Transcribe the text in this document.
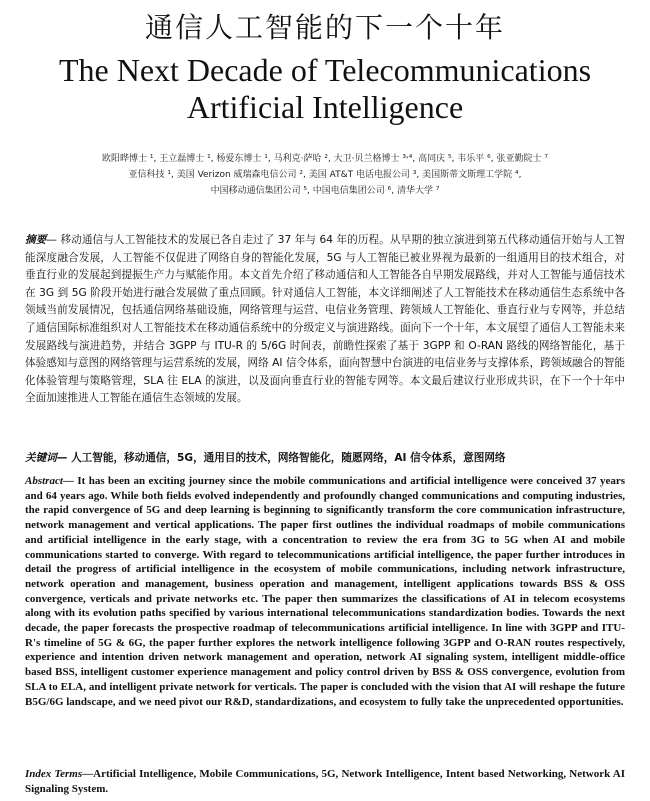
通信人工智能的下一个十年
The Next Decade of Telecommunications
Artificial Intelligence
欧阳晔博士 ¹, 王立磊博士 ¹, 杨爱东博士 ¹, 马利克·萨哈 ², 大卫·贝兰格博士 ³˒⁴, 高同庆 ⁵, 韦乐平 ⁶, 张亚勤院士 ⁷
亚信科技 ¹, 美国 Verizon 威瑞森电信公司 ², 美国 AT&T 电话电报公司 ³, 美国斯蒂文斯理工学院 ⁴,
中国移动通信集团公司 ⁵, 中国电信集团公司 ⁶, 清华大学 ⁷
摘要— 移动通信与人工智能技术的发展已各自走过了 37 年与 64 年的历程。从早期的独立演进到第五代移动通信开始与人工智能深度融合发展，人工智能不仅促进了网络自身的智能化发展，5G 与人工智能已被业界视为最新的一组通用目的技术组合，对垂直行业的发展起到提振生产力与赋能作用。本文首先介绍了移动通信和人工智能各自早期发展路线，并对人工智能与通信技术在 3G 到 5G 阶段开始进行融合发展做了重点回顾。针对通信人工智能，本文详细阐述了人工智能技术在移动通信生态系统中各领域当前发展情况，包括通信网络基础设施，网络管理与运营、电信业务管理、跨领域人工智能化、垂直行业与专网等，并总结了通信国际标准组织对人工智能技术在移动通信系统中的分级定义与演进路线。面向下一个十年，本文展望了通信人工智能未来发展路线与演进趋势，并结合 3GPP 与 ITU-R 的 5/6G 时间表，前瞻性探索了基于 3GPP 和 O-RAN 路线的网络智能化，基于体验感知与意图的网络管理与运营系统的发展，网络 AI 信令体系，面向智慧中台演进的电信业务与支撑体系，跨领域融合的智能化体验管理与策略管理，SLA 往 ELA 的演进，以及面向垂直行业的智能专网等。本文最后建议行业形成共识，在下一个十年中全面加速推进人工智能在通信生态领域的发展。
关键词— 人工智能，移动通信，5G，通用目的技术，网络智能化，随愿网络，AI 信令体系，意图网络
Abstract— It has been an exciting journey since the mobile communications and artificial intelligence were conceived 37 years and 64 years ago. While both fields evolved independently and profoundly changed communications and computing industries, the rapid convergence of 5G and deep learning is beginning to significantly transform the core communication infrastructure, network management and vertical applications. The paper first outlines the individual roadmaps of mobile communications and artificial intelligence in the early stage, with a concentration to review the era from 3G to 5G when AI and mobile communications started to converge. With regard to telecommunications artificial intelligence, the paper further introduces in detail the progress of artificial intelligence in the ecosystem of mobile communications, including network infrastructure, network operation and management, business operation and management, intelligent applications towards BSS & OSS convergence, verticals and private networks etc. The paper then summarizes the classifications of AI in telecom ecosystems along with its evolution paths specified by various international telecommunications standardization bodies. Towards the next decade, the paper forecasts the prospective roadmap of telecommunications artificial intelligence. In line with 3GPP and ITU-R's timeline of 5G & 6G, the paper further explores the network intelligence following 3GPP and O-RAN routes respectively, experience and intention driven network management and operation, network AI signaling system, intelligent middle-office based BSS, intelligent customer experience management and policy control driven by BSS & OSS convergence, evolution from SLA to ELA, and intelligent private network for verticals. The paper is concluded with the vision that AI will reshape the future B5G/6G landscape, and we need pivot our R&D, standardizations, and ecosystem to fully take the unprecedented opportunities.
Index Terms—Artificial Intelligence, Mobile Communications, 5G, Network Intelligence, Intent based Networking, Network AI Signaling System.
